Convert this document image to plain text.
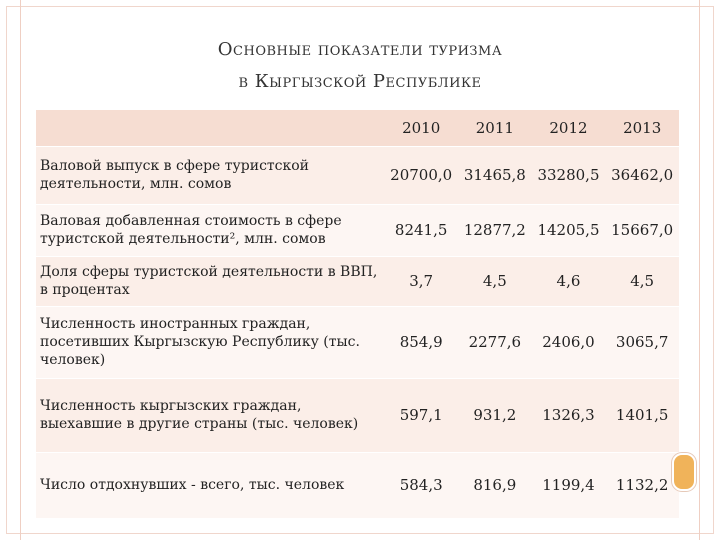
Основные показатели туризма
в Кыргызской Республике
	2010	2011	2012	2013
Валовой выпуск в сфере туристской деятельности, млн. сомов	20700,0	31465,8	33280,5	36462,0
Валовая добавленная стоимость в сфере туристской деятельности², млн. сомов	8241,5	12877,2	14205,5	15667,0
Доля сферы туристской деятельности в ВВП, в процентах	3,7	4,5	4,6	4,5
Численность иностранных граждан, посетивших Кыргызскую Республику (тыс. человек)	854,9	2277,6	2406,0	3065,7
Численность кыргызских граждан, выехавшие в другие страны (тыс. человек)	597,1	931,2	1326,3	1401,5
Число отдохнувших - всего, тыс. человек	584,3	816,9	1199,4	1132,2
